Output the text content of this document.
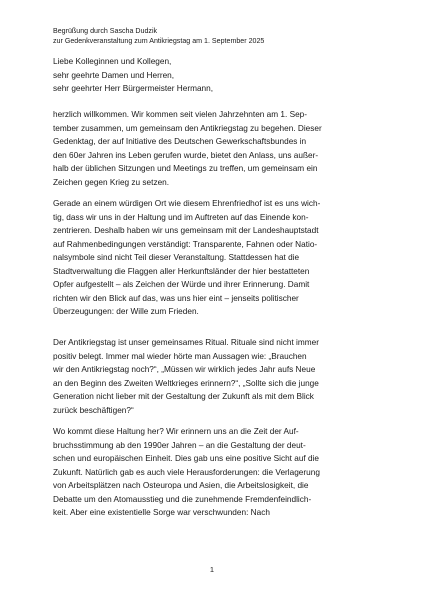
Begrüßung durch Sascha Dudzik
zur Gedenkveranstaltung zum Antikriegstag am 1. September 2025
Liebe Kolleginnen und Kollegen,
sehr geehrte Damen und Herren,
sehr geehrter Herr Bürgermeister Hermann,
herzlich willkommen. Wir kommen seit vielen Jahrzehnten am 1. Sep-
tember zusammen, um gemeinsam den Antikriegstag zu begehen. Dieser
Gedenktag, der auf Initiative des Deutschen Gewerkschaftsbundes in
den 60er Jahren ins Leben gerufen wurde, bietet den Anlass, uns außer-
halb der üblichen Sitzungen und Meetings zu treffen, um gemeinsam ein
Zeichen gegen Krieg zu setzen.
Gerade an einem würdigen Ort wie diesem Ehrenfriedhof ist es uns wich-
tig, dass wir uns in der Haltung und im Auftreten auf das Einende kon-
zentrieren. Deshalb haben wir uns gemeinsam mit der Landeshauptstadt
auf Rahmenbedingungen verständigt: Transparente, Fahnen oder Natio-
nalsymbole sind nicht Teil dieser Veranstaltung. Stattdessen hat die
Stadtverwaltung die Flaggen aller Herkunftsländer der hier bestatteten
Opfer aufgestellt – als Zeichen der Würde und ihrer Erinnerung. Damit
richten wir den Blick auf das, was uns hier eint – jenseits politischer
Überzeugungen: der Wille zum Frieden.
Der Antikriegstag ist unser gemeinsames Ritual. Rituale sind nicht immer
positiv belegt. Immer mal wieder hörte man Aussagen wie: „Brauchen
wir den Antikriegstag noch?“, „Müssen wir wirklich jedes Jahr aufs Neue
an den Beginn des Zweiten Weltkrieges erinnern?“, „Sollte sich die junge
Generation nicht lieber mit der Gestaltung der Zukunft als mit dem Blick
zurück beschäftigen?“
Wo kommt diese Haltung her? Wir erinnern uns an die Zeit der Auf-
bruchsstimmung ab den 1990er Jahren – an die Gestaltung der deut-
schen und europäischen Einheit. Dies gab uns eine positive Sicht auf die
Zukunft. Natürlich gab es auch viele Herausforderungen: die Verlagerung
von Arbeitsplätzen nach Osteuropa und Asien, die Arbeitslosigkeit, die
Debatte um den Atomausstieg und die zunehmende Fremdenfeindlich-
keit. Aber eine existentielle Sorge war verschwunden: Nach
1
